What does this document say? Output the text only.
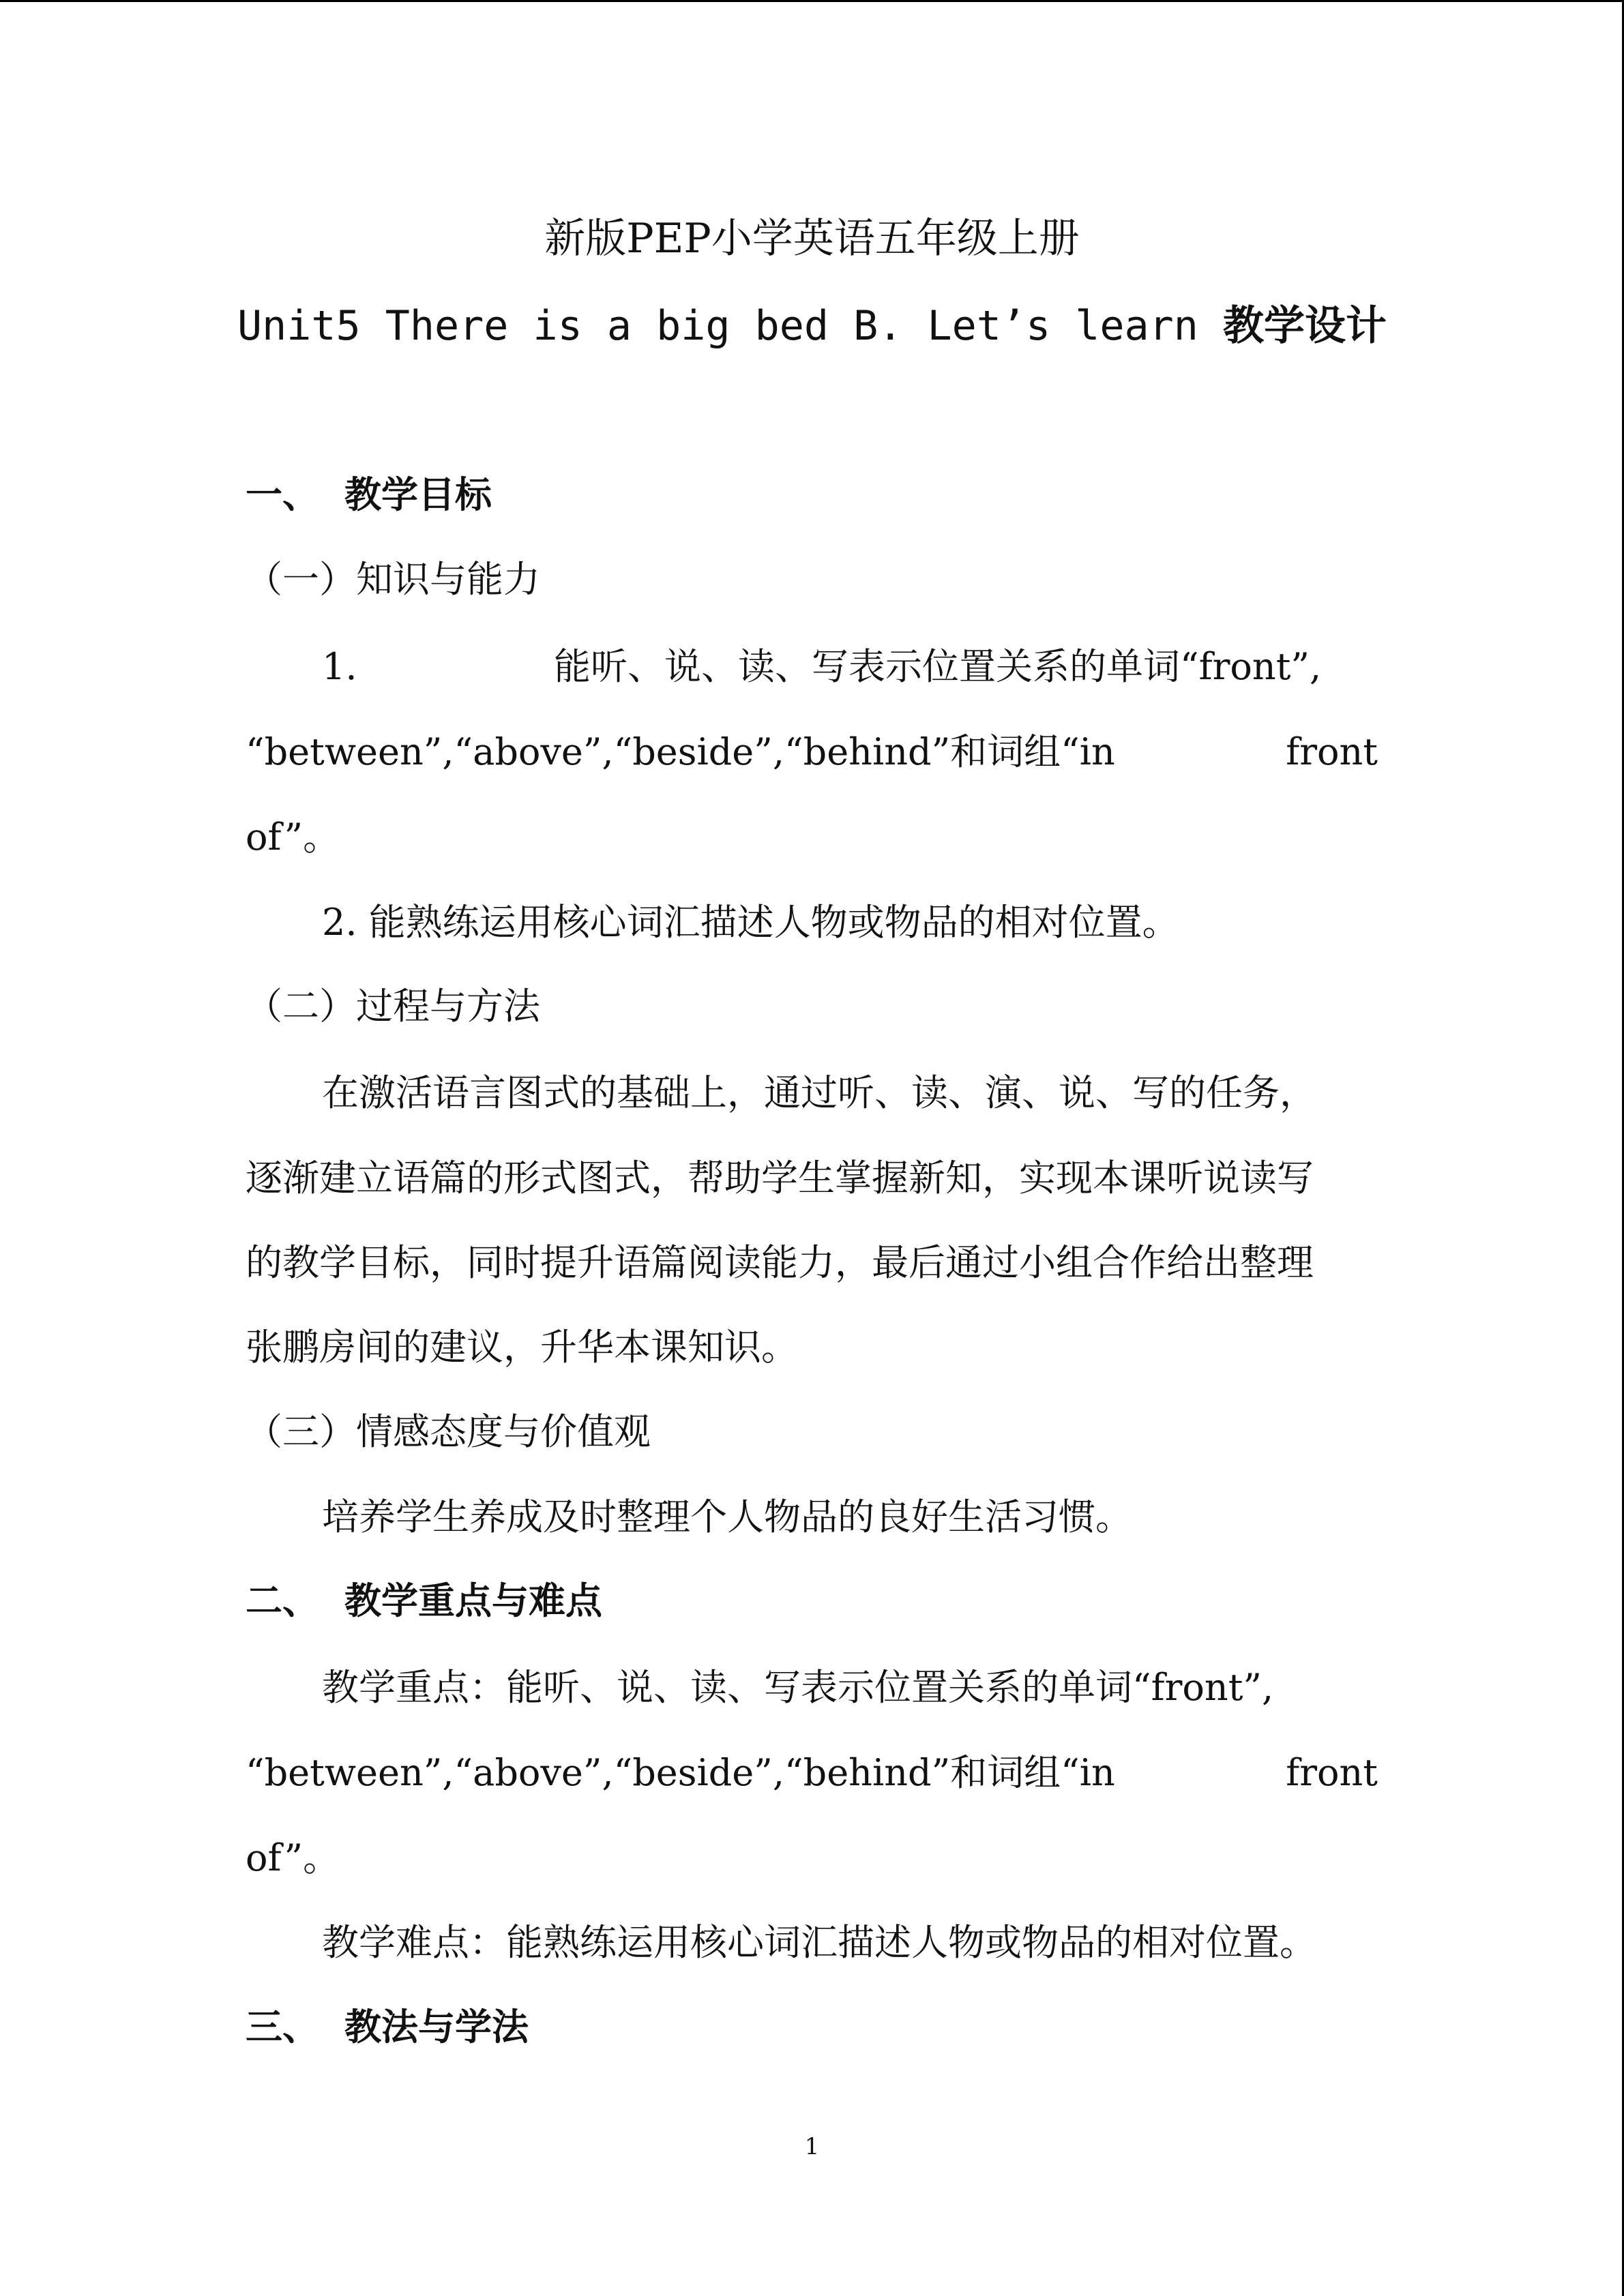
新版PEP小学英语五年级上册
Unit5 There is a big bed B. Let’s learn 教学设计
一、 教学目标
（一）知识与能力
1.	能听、说、读、写表示位置关系的单词“front”,
“between”,“above”,“beside”,“behind”和词组“in	front
of”。
2. 能熟练运用核心词汇描述人物或物品的相对位置。
（二）过程与方法
在激活语言图式的基础上，通过听、读、演、说、写的任务，
逐渐建立语篇的形式图式，帮助学生掌握新知，实现本课听说读写
的教学目标，同时提升语篇阅读能力，最后通过小组合作给出整理
张鹏房间的建议，升华本课知识。
（三）情感态度与价值观
培养学生养成及时整理个人物品的良好生活习惯。
二、 教学重点与难点
教学重点：能听、说、读、写表示位置关系的单词“front”,
“between”,“above”,“beside”,“behind”和词组“in	front
of”。
教学难点：能熟练运用核心词汇描述人物或物品的相对位置。
三、 教法与学法
1
